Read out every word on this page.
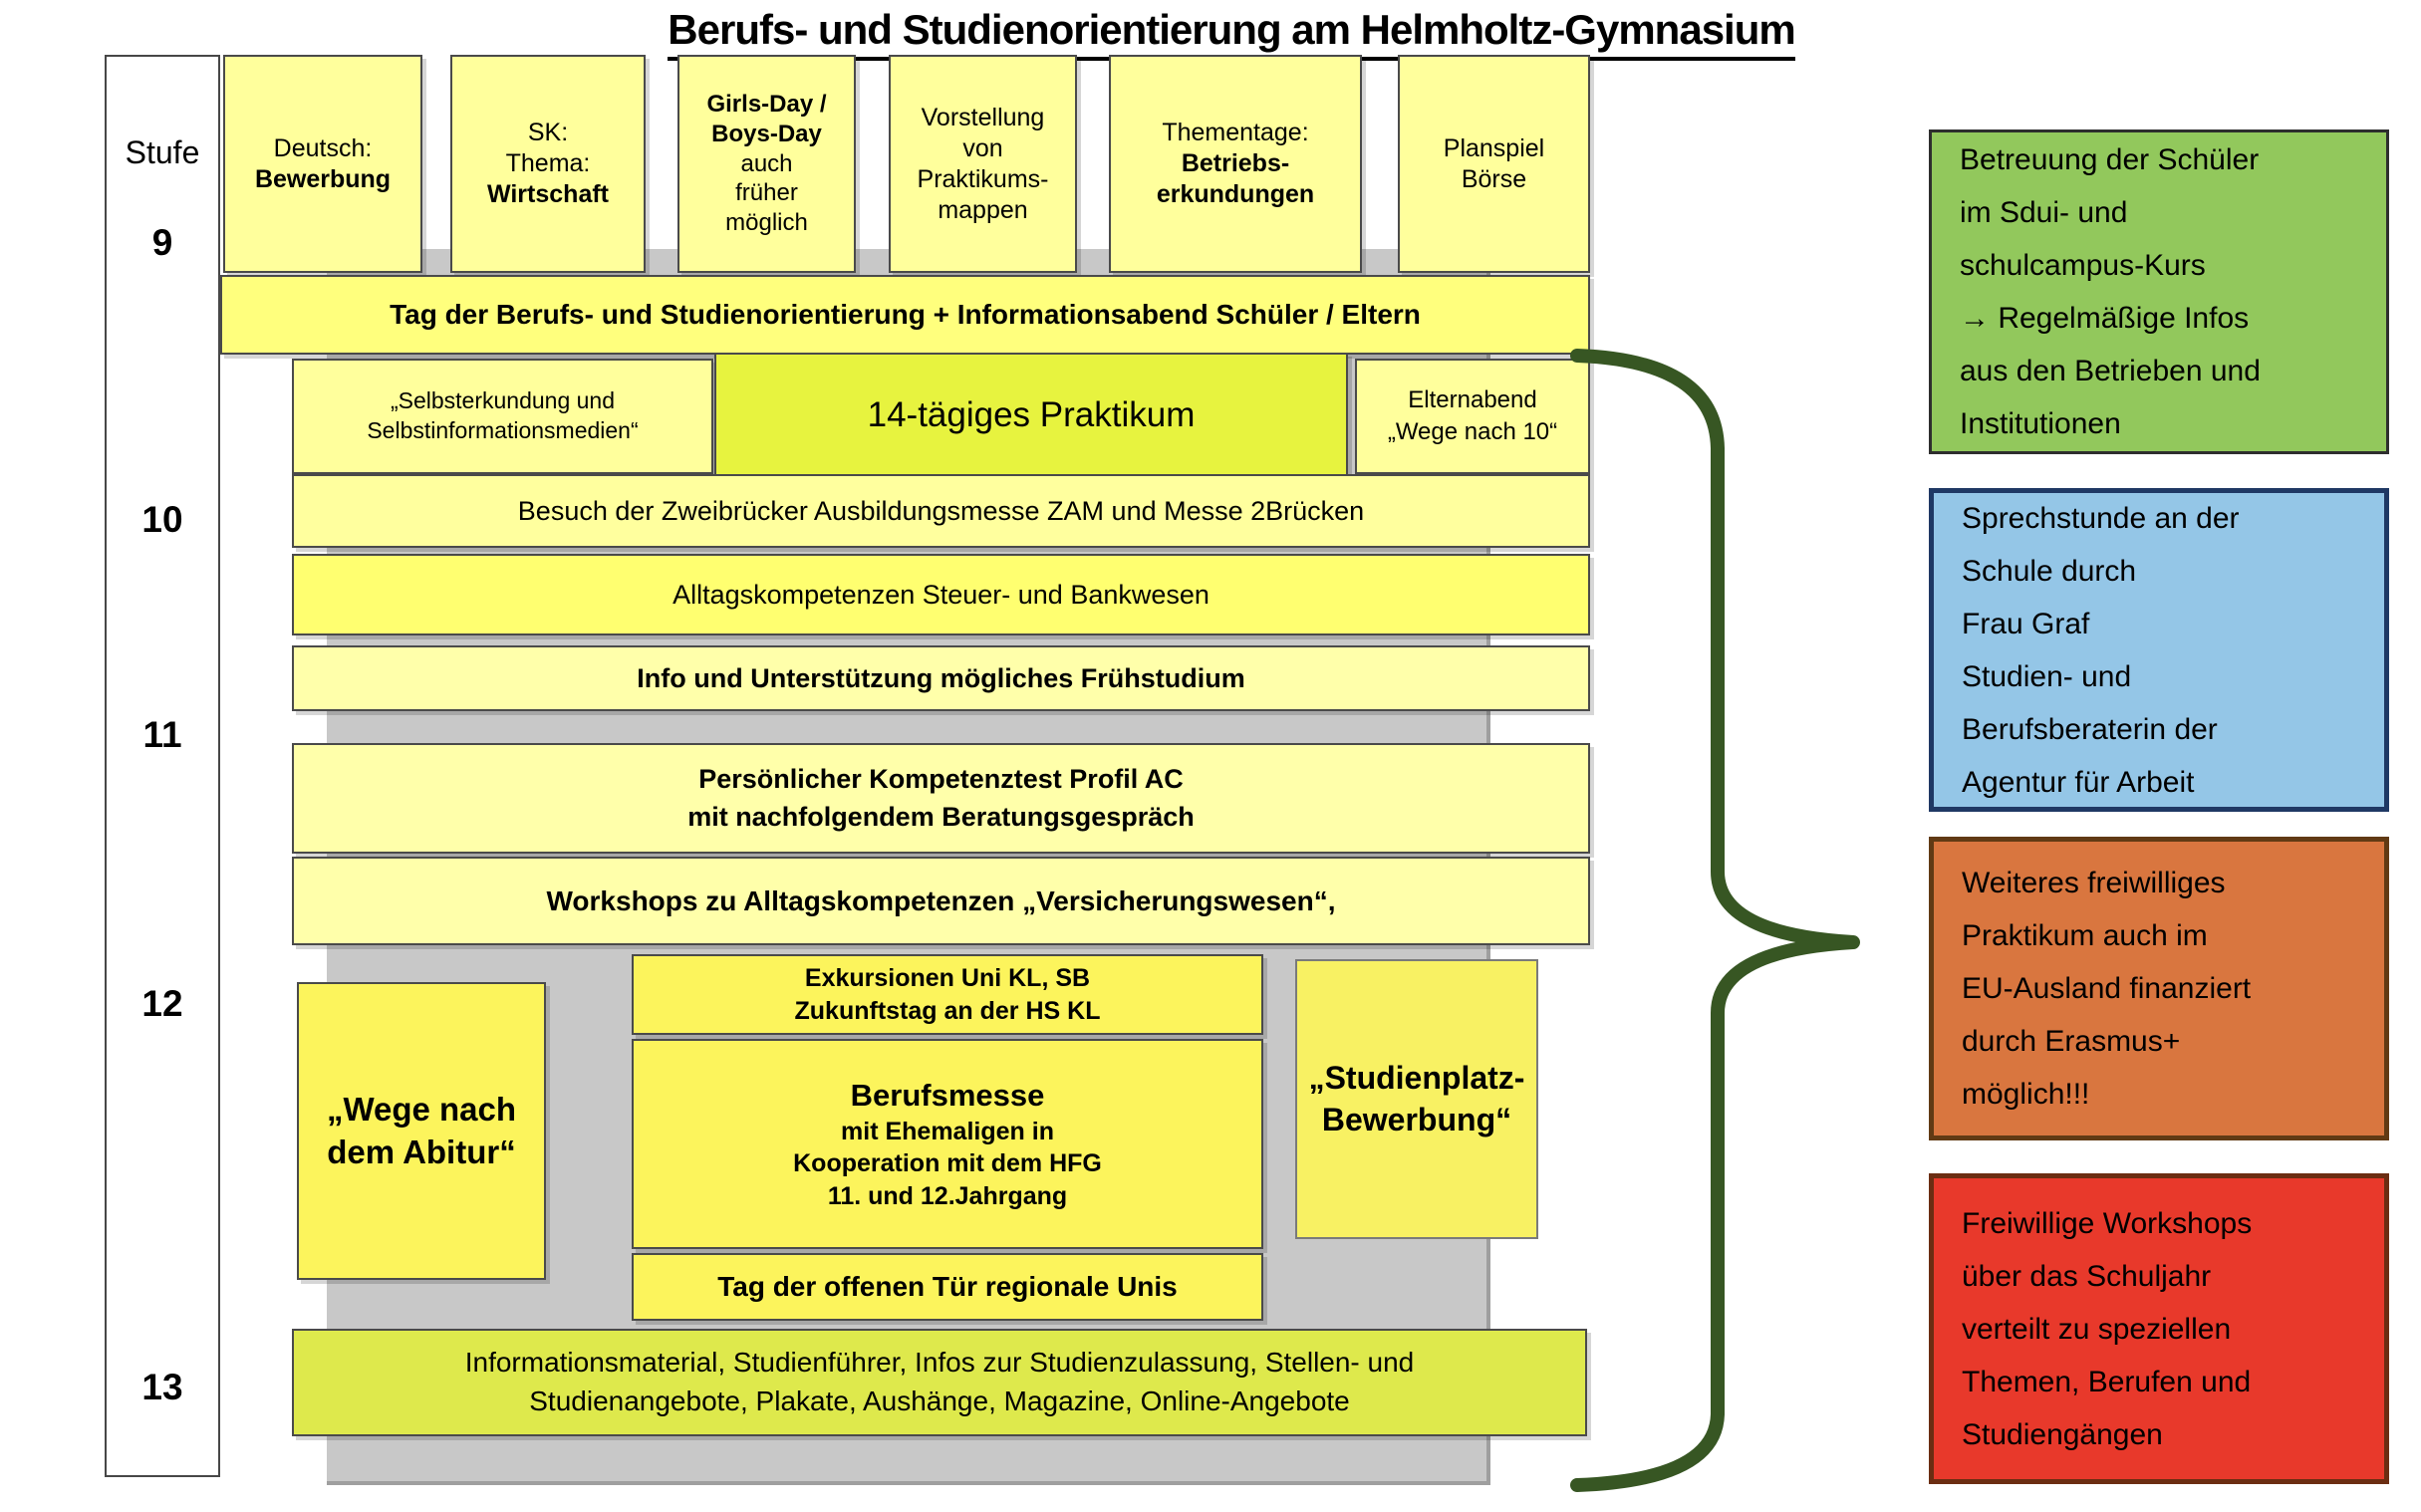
Berufs- und Studienorientierung am Helmholtz-Gymnasium
Stufe
9
10
11
12
13
Deutsch:
Bewerbung
SK:
Thema:
Wirtschaft
Girls-Day /
Boys-Day
auch
früher
möglich
Vorstellung
von
Praktikums-
mappen
Thementage:
Betriebs-
erkundungen
Planspiel
Börse
Tag der Berufs- und Studienorientierung + Informationsabend Schüler / Eltern
„Selbsterkundung und
Selbstinformationsmedien“	14-tägiges Praktikum	Elternabend
„Wege nach 10“
Besuch der Zweibrücker Ausbildungsmesse ZAM und Messe 2Brücken
Alltagskompetenzen Steuer- und Bankwesen
Info und Unterstützung mögliches Frühstudium
Persönlicher Kompetenztest Profil AC
mit nachfolgendem Beratungsgespräch
Workshops zu Alltagskompetenzen „Versicherungswesen“,
Exkursionen Uni KL, SB
Zukunftstag an der HS KL
„Wege nach
dem Abitur“
Berufsmesse
mit Ehemaligen in
Kooperation mit dem HFG
11. und 12.Jahrgang
Tag der offenen Tür regionale Unis
„Studienplatz-
Bewerbung“
Informationsmaterial, Studienführer, Infos zur Studienzulassung, Stellen- und
Studienangebote, Plakate, Aushänge, Magazine, Online-Angebote
Betreuung der Schüler
im Sdui- und
schulcampus-Kurs
→ Regelmäßige Infos
aus den Betrieben und
Institutionen
Sprechstunde an der
Schule durch
Frau Graf
Studien- und
Berufsberaterin der
Agentur für Arbeit
Weiteres freiwilliges
Praktikum auch im
EU-Ausland finanziert
durch Erasmus+
möglich!!!
Freiwillige Workshops
über das Schuljahr
verteilt zu speziellen
Themen, Berufen und
Studiengängen
